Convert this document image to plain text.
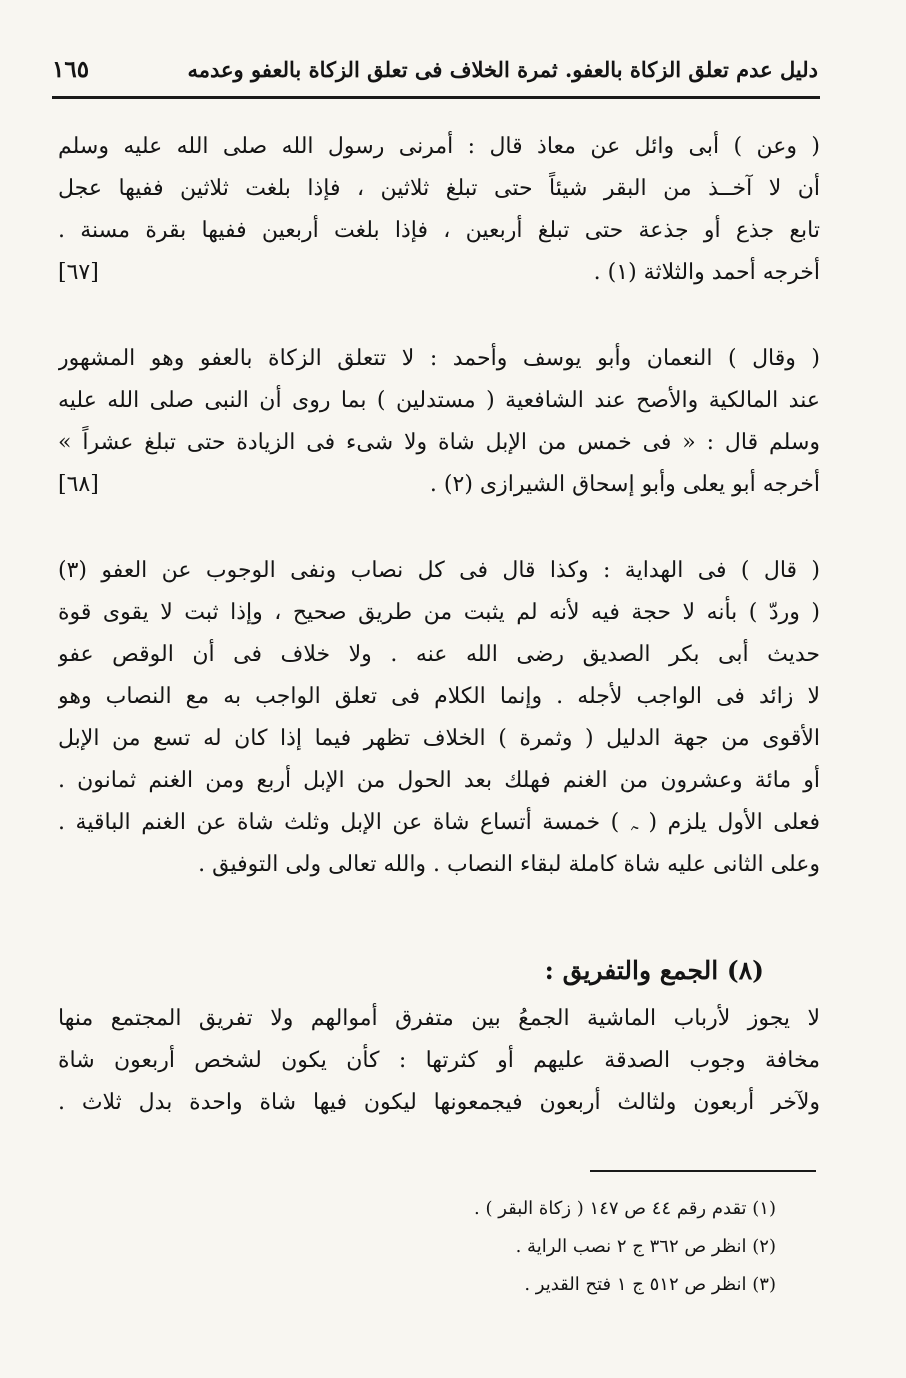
دليل عدم تعلق الزكاة بالعفو. ثمرة الخلاف فى تعلق الزكاة بالعفو وعدمه
١٦٥
( وعن ) أبى وائل عن معاذ قال : أمرنى رسول الله صلى الله عليه وسلم
أن لا آخــذ من البقر شيئاً حتى تبلغ ثلاثين ، فإذا بلغت ثلاثين ففيها عجل
تابع جذع أو جذعة حتى تبلغ أربعين ، فإذا بلغت أربعين ففيها بقرة مسنة .
أخرجه أحمد والثلاثة (١) .
[٦٧]
( وقال ) النعمان وأبو يوسف وأحمد : لا تتعلق الزكاة بالعفو وهو المشهور
عند المالكية والأصح عند الشافعية ( مستدلين ) بما روى أن النبى صلى الله عليه
وسلم قال : « فى خمس من الإبل شاة ولا شىء فى الزيادة حتى تبلغ عشراً »
أخرجه أبو يعلى وأبو إسحاق الشيرازى (٢) .
[٦٨]
( قال ) فى الهداية : وكذا قال فى كل نصاب ونفى الوجوب عن العفو (٣)
( وردّ ) بأنه لا حجة فيه لأنه لم يثبت من طريق صحيح ، وإذا ثبت لا يقوى قوة
حديث أبى بكر الصديق رضى الله عنه . ولا خلاف فى أن الوقص عفو
لا زائد فى الواجب لأجله . وإنما الكلام فى تعلق الواجب به مع النصاب وهو
الأقوى من جهة الدليل ( وثمرة ) الخلاف تظهر فيما إذا كان له تسع من الإبل
أو مائة وعشرون من الغنم فهلك بعد الحول من الإبل أربع ومن الغنم ثمانون .
فعلى الأول يلزم ( ﮧ ) خمسة أتساع شاة عن الإبل وثلث شاة عن الغنم الباقية .
وعلى الثانى عليه شاة كاملة لبقاء النصاب . والله تعالى ولى التوفيق .
(٨) الجمع والتفريق :
لا يجوز لأرباب الماشية الجمعُ بين متفرق أموالهم ولا تفريق المجتمع منها
مخافة وجوب الصدقة عليهم أو كثرتها : كأن يكون لشخص أربعون شاة
ولآخر أربعون ولثالث أربعون فيجمعونها ليكون فيها شاة واحدة بدل ثلاث .
(١) تقدم رقم ٤٤ ص ١٤٧ ( زكاة البقر ) .
(٢) انظر ص ٣٦٢ ج ٢ نصب الراية .
(٣) انظر ص ٥١٢ ج ١ فتح القدير .
